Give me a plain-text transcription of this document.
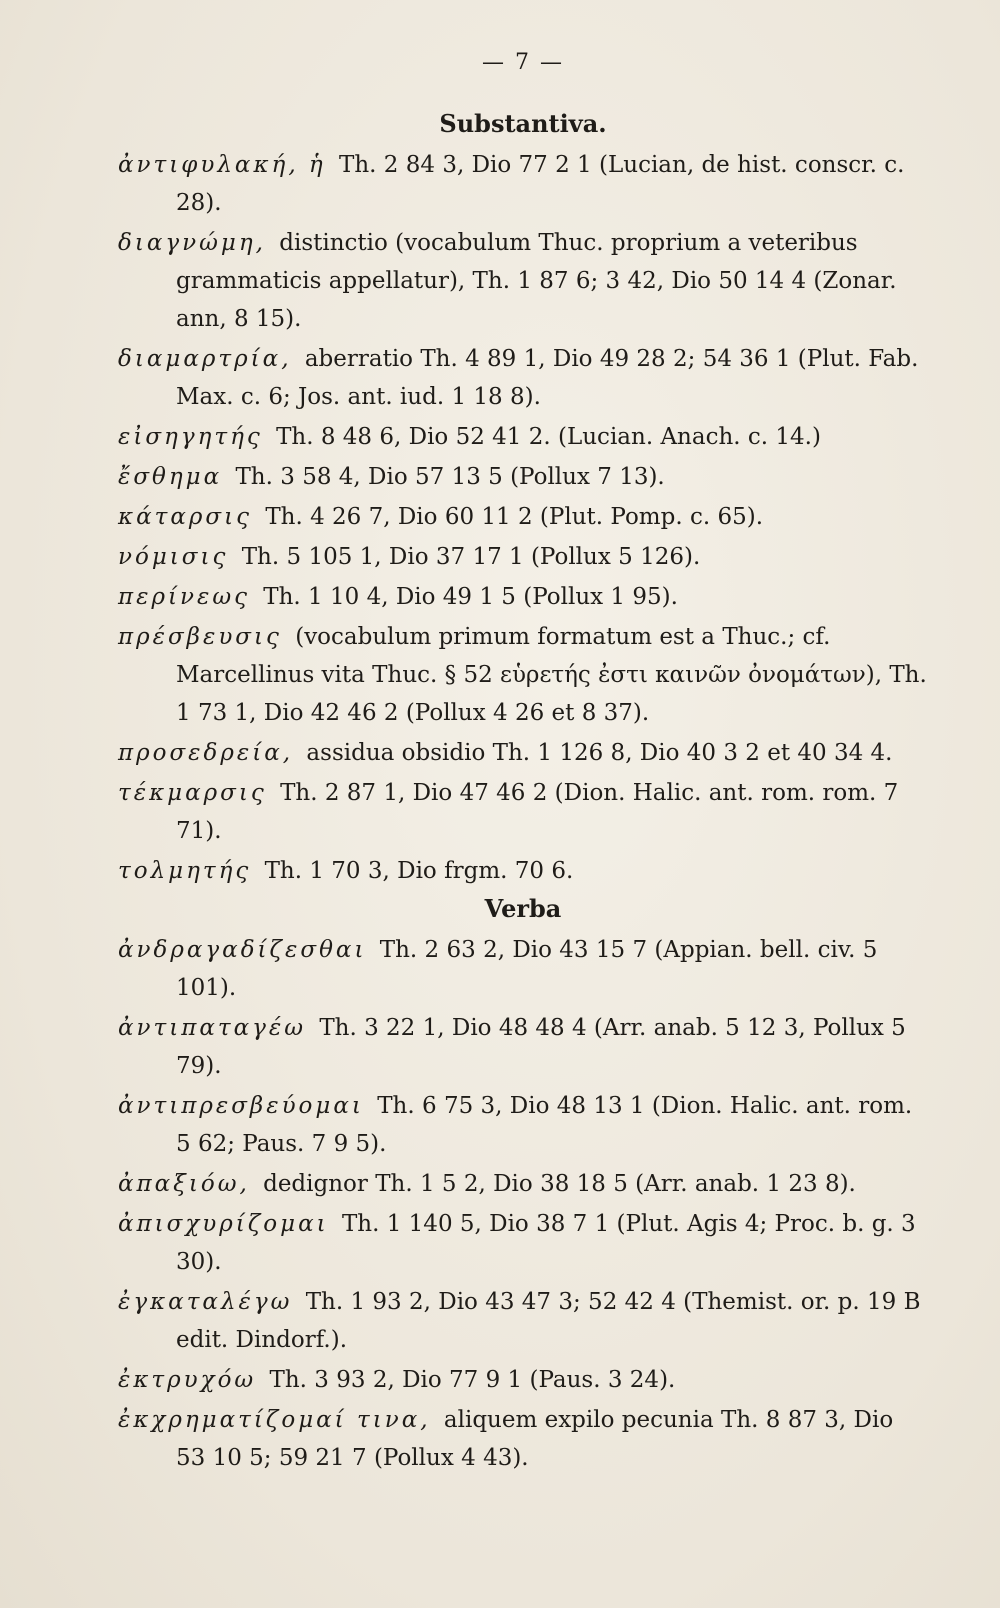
— 7 —
Substantiva.
ἀντιφυλακή, ἡ Th. 2 84 3, Dio 77 2 1 (Lucian, de hist. conscr. c. 28).
διαγνώμη, distinctio (vocabulum Thuc. proprium a veteribus grammaticis appellatur), Th. 1 87 6; 3 42, Dio 50 14 4 (Zonar. ann, 8 15).
διαμαρτρία, aberratio Th. 4 89 1, Dio 49 28 2; 54 36 1 (Plut. Fab. Max. c. 6; Jos. ant. iud. 1 18 8).
εἰσηγητής Th. 8 48 6, Dio 52 41 2. (Lucian. Anach. c. 14.)
ἔσθημα Th. 3 58 4, Dio 57 13 5 (Pollux 7 13).
κάταρσις Th. 4 26 7, Dio 60 11 2 (Plut. Pomp. c. 65).
νόμισις Th. 5 105 1, Dio 37 17 1 (Pollux 5 126).
περίνεως Th. 1 10 4, Dio 49 1 5 (Pollux 1 95).
πρέσβευσις (vocabulum primum formatum est a Thuc.; cf. Marcellinus vita Thuc. § 52 εὑρετής ἐστι καινῶν ὀνομάτων), Th. 1 73 1, Dio 42 46 2 (Pollux 4 26 et 8 37).
προσεδρεία, assidua obsidio Th. 1 126 8, Dio 40 3 2 et 40 34 4.
τέκμαρσις Th. 2 87 1, Dio 47 46 2 (Dion. Halic. ant. rom. rom. 7 71).
τολμητής Th. 1 70 3, Dio frgm. 70 6.
Verba
ἀνδραγαδίζεσθαι Th. 2 63 2, Dio 43 15 7 (Appian. bell. civ. 5 101).
ἀντιπαταγέω Th. 3 22 1, Dio 48 48 4 (Arr. anab. 5 12 3, Pollux 5 79).
ἀντιπρεσβεύομαι Th. 6 75 3, Dio 48 13 1 (Dion. Halic. ant. rom. 5 62; Paus. 7 9 5).
ἀπαξιόω, dedignor Th. 1 5 2, Dio 38 18 5 (Arr. anab. 1 23 8).
ἀπισχυρίζομαι Th. 1 140 5, Dio 38 7 1 (Plut. Agis 4; Proc. b. g. 3 30).
ἐγκαταλέγω Th. 1 93 2, Dio 43 47 3; 52 42 4 (Themist. or. p. 19 B edit. Dindorf.).
ἐκτρυχόω Th. 3 93 2, Dio 77 9 1 (Paus. 3 24).
ἐκχρηματίζομαί τινα, aliquem expilo pecunia Th. 8 87 3, Dio 53 10 5; 59 21 7 (Pollux 4 43).
